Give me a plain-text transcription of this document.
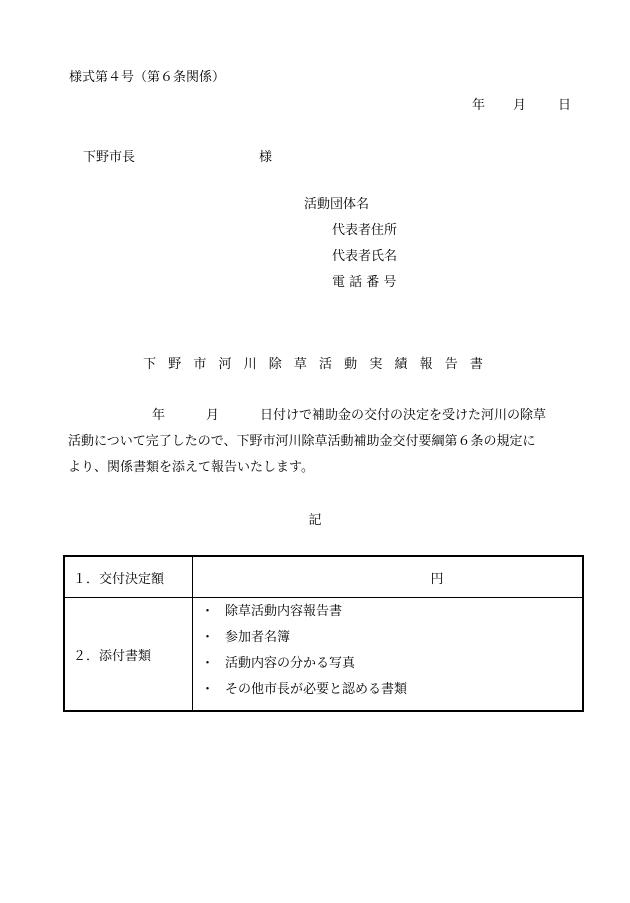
様式第４号（第６条関係）
年 月 日
下野市長	様
活動団体名
代表者住所
代表者氏名
電 話 番 号
下 野 市 河 川 除 草 活 動 実 績 報 告 書
年	月	日付けで補助金の交付の決定を受けた河川の除草
活動について完了したので、下野市河川除草活動補助金交付要綱第６条の規定に
より、関係書類を添えて報告いたします。
記
１．交付決定額	円
２．添付書類	・ 除草活動内容報告書
・ 参加者名簿
・ 活動内容の分かる写真
・ その他市長が必要と認める書類
